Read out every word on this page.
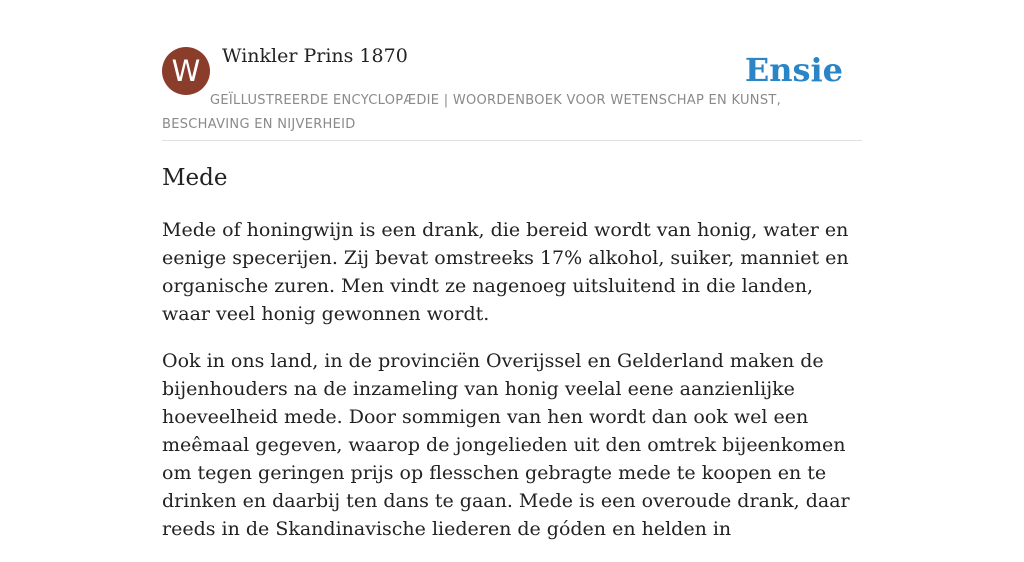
W	Winkler Prins 1870	Ensie
GEÏLLUSTREERDE ENCYCLOPÆDIE | WOORDENBOEK VOOR WETENSCHAP EN KUNST, BESCHAVING EN NIJVERHEID
Mede

Mede of honingwijn is een drank, die bereid wordt van honig, water en eenige specerijen. Zij bevat omstreeks 17% alkohol, suiker, manniet en organische zuren. Men vindt ze nagenoeg uitsluitend in die landen, waar veel honig gewonnen wordt.

Ook in ons land, in de provinciën Overijssel en Gelderland maken de bijenhouders na de inzameling van honig veelal eene aanzienlijke hoeveelheid mede. Door sommigen van hen wordt dan ook wel een meêmaal gegeven, waarop de jongelieden uit den omtrek bijeenkomen om tegen geringen prijs op flesschen gebragte mede te koopen en te drinken en daarbij ten dans te gaan. Mede is een overoude drank, daar reeds in de Skandinavische liederen de góden en helden in
